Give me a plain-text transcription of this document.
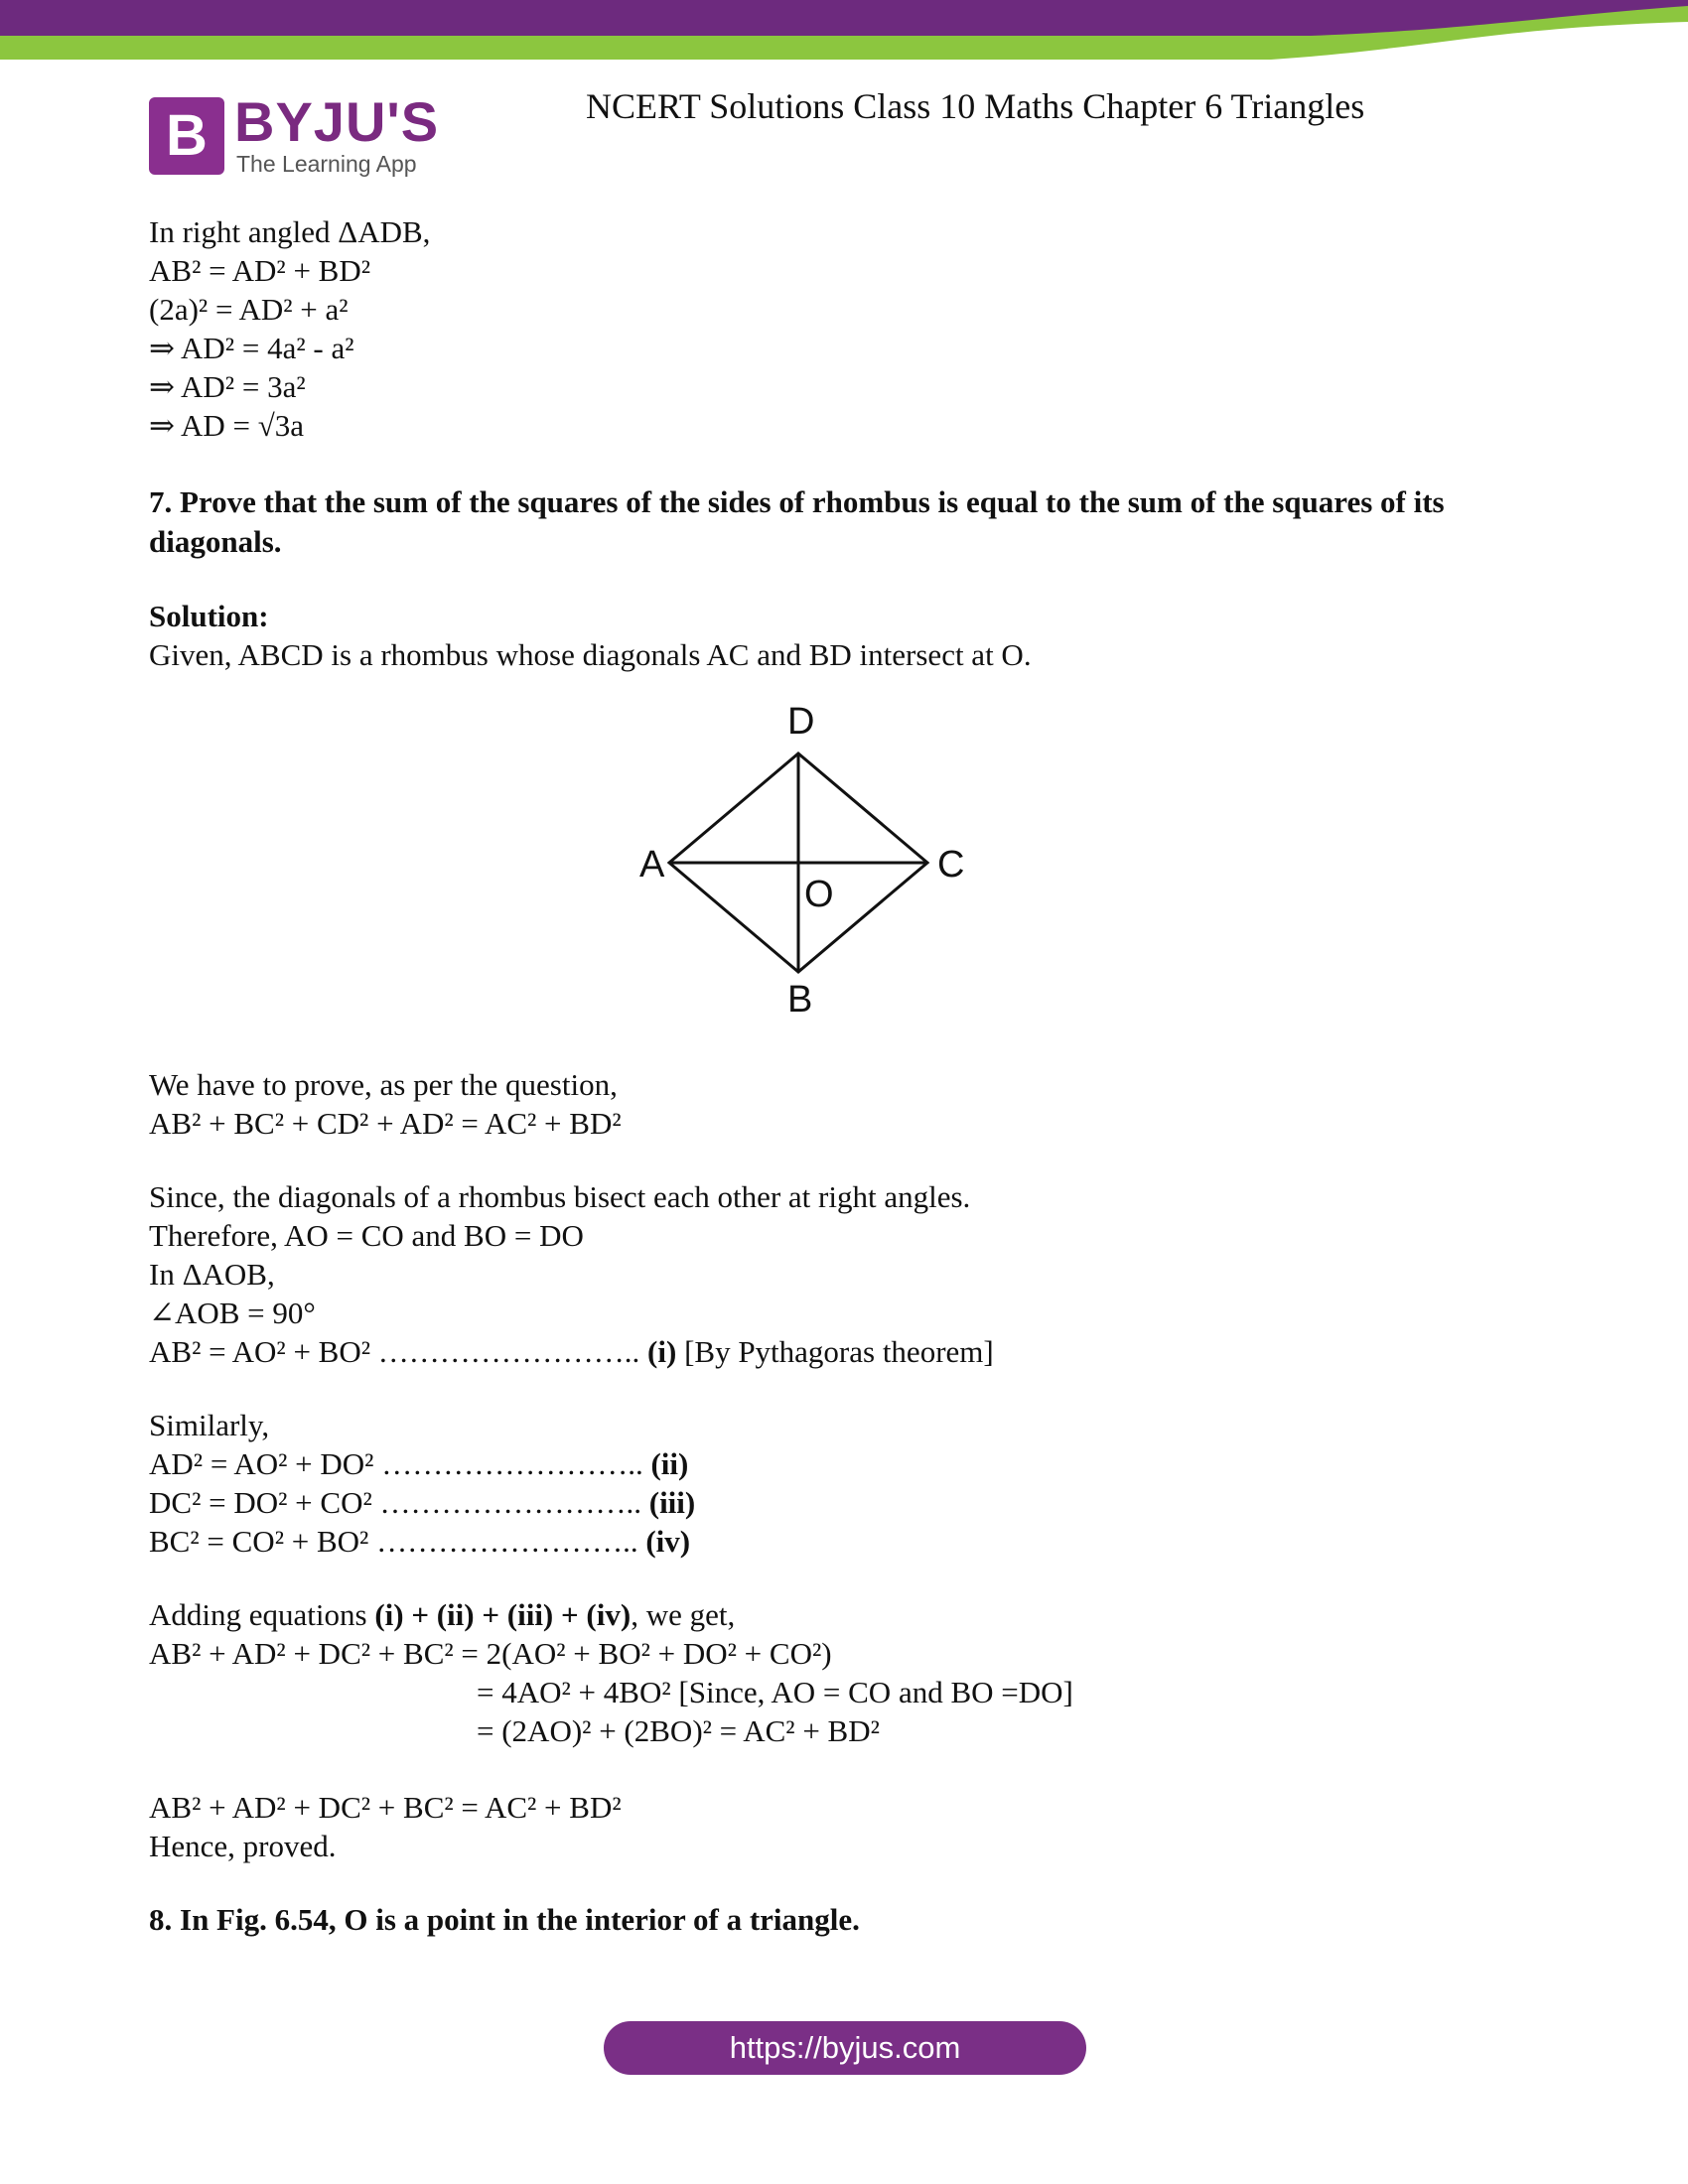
B BYJU'S
The Learning App
NCERT Solutions Class 10 Maths Chapter 6 Triangles
In right angled ΔADB,
AB² = AD² + BD²
(2a)² = AD² + a²
⇒ AD² = 4a² - a²
⇒ AD² = 3a²
⇒ AD = √3a
7. Prove that the sum of the squares of the sides of rhombus is equal to the sum of the squares of its diagonals.
Solution:
Given, ABCD is a rhombus whose diagonals AC and BD intersect at O.
D
A	C
O
B
We have to prove, as per the question,
AB² + BC² + CD² + AD² = AC² + BD²
Since, the diagonals of a rhombus bisect each other at right angles.
Therefore, AO = CO and BO = DO
In ΔAOB,
∠AOB = 90°
AB² = AO² + BO² …………………….. (i) [By Pythagoras theorem]
Similarly,
AD² = AO² + DO² …………………….. (ii)
DC² = DO² + CO² …………………….. (iii)
BC² = CO² + BO² …………………….. (iv)
Adding equations (i) + (ii) + (iii) + (iv), we get,
AB² + AD² + DC² + BC² = 2(AO² + BO² + DO² + CO²)
= 4AO² + 4BO² [Since, AO = CO and BO =DO]
= (2AO)² + (2BO)² = AC² + BD²
AB² + AD² + DC² + BC² = AC² + BD²
Hence, proved.
8. In Fig. 6.54, O is a point in the interior of a triangle.
https://byjus.com
